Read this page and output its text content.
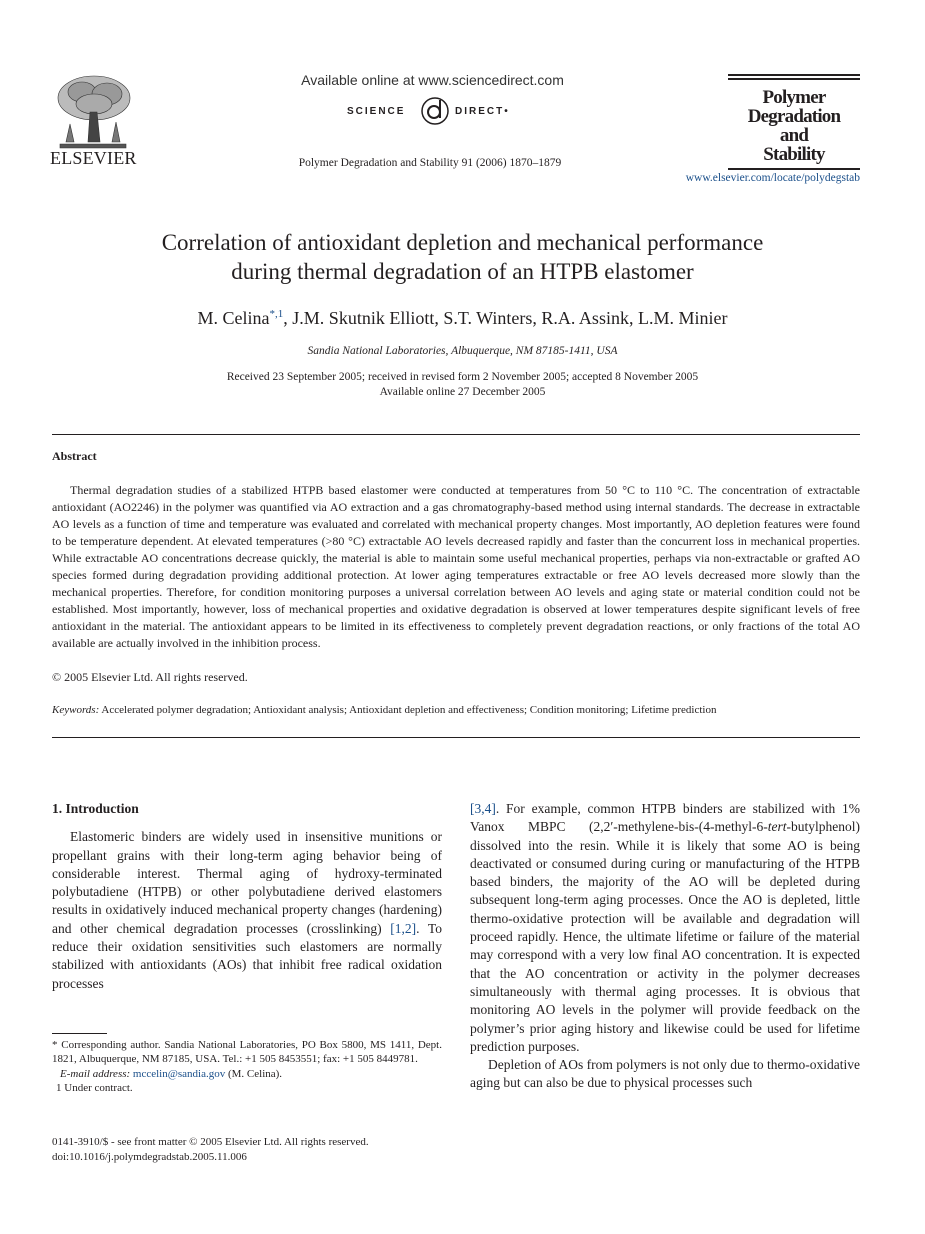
ELSEVIER
Available online at www.sciencedirect.com
SCIENCE	DIRECT•
Polymer Degradation and Stability 91 (2006) 1870–1879
Polymer
Degradation
and
Stability
www.elsevier.com/locate/polydegstab
Correlation of antioxidant depletion and mechanical performance
during thermal degradation of an HTPB elastomer
M. Celina$^{*,1}$, J.M. Skutnik Elliott, S.T. Winters, R.A. Assink, L.M. Minier
Sandia National Laboratories, Albuquerque, NM 87185-1411, USA
Received 23 September 2005; received in revised form 2 November 2005; accepted 8 November 2005
Available online 27 December 2005
Abstract

Thermal degradation studies of a stabilized HTPB based elastomer were conducted at temperatures from 50 °C to 110 °C. The concentration of extractable antioxidant (AO2246) in the polymer was quantified via AO extraction and a gas chromatography-based method using internal standards. The decrease in extractable AO levels as a function of time and temperature was evaluated and correlated with mechanical property changes. Most importantly, AO depletion features were found to be temperature dependent. At elevated temperatures (>80 °C) extractable AO levels decreased rapidly and faster than the concurrent loss in mechanical properties. While extractable AO concentrations decrease quickly, the material is able to maintain some useful mechanical properties, perhaps via non-extractable or grafted AO species formed during degradation providing additional protection. At lower aging temperatures extractable or free AO levels decreased more slowly than the mechanical properties. Therefore, for condition monitoring purposes a universal correlation between AO levels and aging state or material condition could not be established. Most importantly, however, loss of mechanical properties and oxidative degradation is observed at lower temperatures despite significant levels of free antioxidant in the material. The antioxidant appears to be limited in its effectiveness to completely prevent degradation reactions, or only fractions of the total AO available are actually involved in the inhibition process.

© 2005 Elsevier Ltd. All rights reserved.
Keywords: Accelerated polymer degradation; Antioxidant analysis; Antioxidant depletion and effectiveness; Condition monitoring; Lifetime prediction
1. Introduction

Elastomeric binders are widely used in insensitive munitions or propellant grains with their long-term aging behavior being of considerable interest. Thermal aging of hydroxy-terminated polybutadiene (HTPB) or other polybutadiene derived elastomers results in oxidatively induced mechanical property changes (hardening) and other chemical degradation processes (crosslinking) [1,2]. To reduce their oxidation sensitivities such elastomers are normally stabilized with antioxidants (AOs) that inhibit free radical oxidation processes

* Corresponding author. Sandia National Laboratories, PO Box 5800, MS 1411, Dept. 1821, Albuquerque, NM 87185, USA. Tel.: +1 505 8453551; fax: +1 505 8449781.

E-mail address: mccelin@sandia.gov (M. Celina).

1 Under contract.

0141-3910/$ - see front matter © 2005 Elsevier Ltd. All rights reserved.
doi:10.1016/j.polymdegradstab.2005.11.006

[3,4]. For example, common HTPB binders are stabilized with 1% Vanox MBPC (2,2′-methylene-bis-(4-methyl-6-tert-butylphenol) dissolved into the resin. While it is likely that some AO is being deactivated or consumed during curing or manufacturing of the HTPB based binders, the majority of the AO will be depleted during subsequent long-term aging processes. Once the AO is depleted, little thermo-oxidative protection will be available and degradation will proceed rapidly. Hence, the ultimate lifetime or failure of the material may correspond with a very low final AO concentration. It is expected that the AO concentration or activity in the polymer decreases simultaneously with thermal aging processes. It is obvious that monitoring AO levels in the polymer will provide feedback on the polymer’s prior aging history and likewise could be used for lifetime prediction purposes.

Depletion of AOs from polymers is not only due to thermo-oxidative aging but can also be due to physical processes such
